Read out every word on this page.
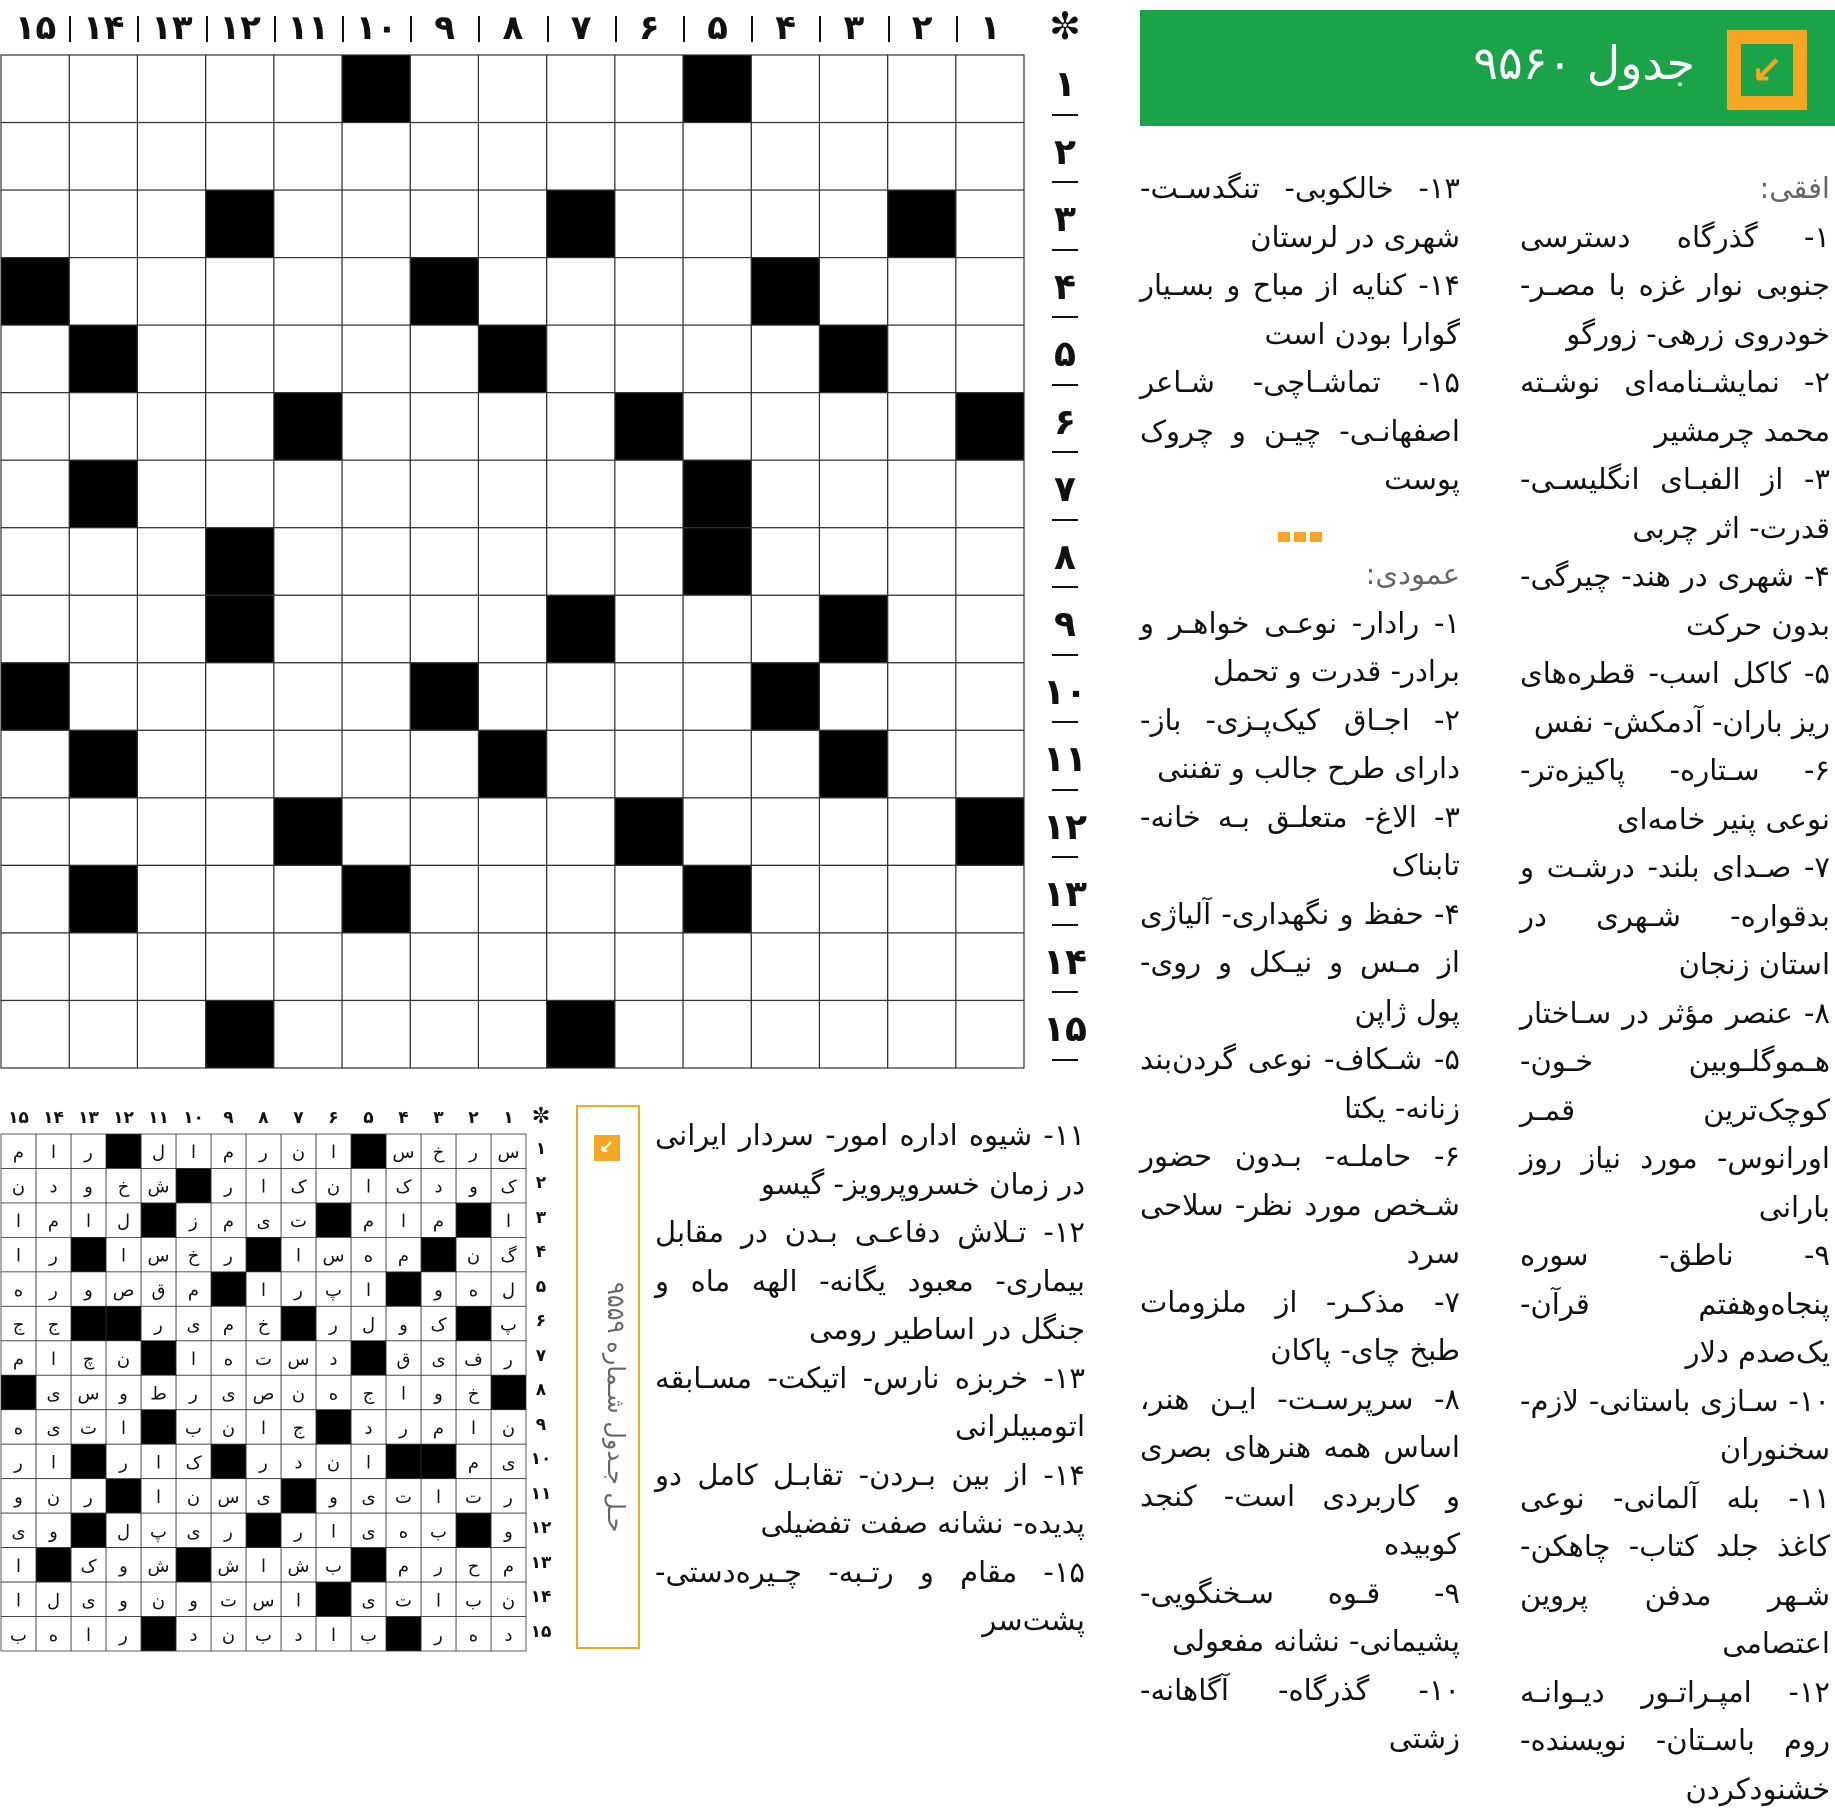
جدول ۹۵۶۰ ↙
✼

افقی:

۱- گذرگاه دسترسی جنوبی نوار غزه با مصـر- خودروی زرهی- زورگو

۲- نمایشـنامه‌ای نوشـته محمد چرمشیر

۳- از الفبـای انگلیسـی- قدرت- اثر چربی

۴- شهری در هند- چیرگی- بدون حرکت

۵- کاکل اسب- قطره‌های ریز باران- آدمکش- نفس

۶- سـتاره- پاکیزه‌تر- نوعی پنیر خامه‌ای

۷- صـدای بلند- درشـت و بدقواره- شـهری در استان زنجان

۸- عنصر مؤثر در سـاختار هـموگلـوبین خـون- کوچک‌ترین قمـر اورانوس- مورد نیاز روز بارانی

۹- ناطق- سوره پنجاه‌وهفتم قرآن- یک‌صدم دلار

۱۰- سـازی باستانی- لازم- سخنوران

۱۱- بله آلمانی- نوعی کاغذ جلد کتاب- چاهکن- شـهر مدفن پروین اعتصامی

۱۲- امپـراتـور دیـوانـه روم باسـتان- نویسنده- خشنودکردن

۱۳- خالکوبی- تنگدسـت- شهری در لرستان

۱۴- کنایه از مباح و بسـیار گوارا بودن است

۱۵- تماشـاچی- شـاعر اصفهانـی- چیـن و چروک پوست

عمودی:

۱- رادار- نوعـی خواهـر و برادر- قدرت و تحمل

۲- اجـاق کیک‌پـزی- باز- دارای طرح جالب و تفننی

۳- الاغ- متعلـق بـه خانه- تابناک

۴- حفظ و نگهداری- آلیاژی از مـس و نیـکل و روی- پول ژاپن

۵- شـکاف- نوعی گردن‌بند زنانه- یکتا

۶- حاملـه- بـدون حضور شـخص مورد نظر- سلاحی سرد

۷- مذکـر- از ملزومات طبخ چای- پاکان

۸- سرپرسـت- ایـن هنر، اساس همه هنرهای بصری و کاربردی است- کنجد کوبیده

۹- قـوه سـخنگویی- پشیمانی- نشانه مفعولی

۱۰- گذرگاه- آگاهانه- زشتی

۱۱- شیوه اداره امور- سردار ایرانی در زمان خسروپرویز- گیسو

۱۲- تـلاش دفاعـی بـدن در مقابل بیماری- معبود یگانه- الهه ماه و جنگل در اساطیر رومی

۱۳- خربزه نارس- اتیکت- مسـابقه اتومبیلرانی

۱۴- از بین بـردن- تقابـل کامل دو پدیده- نشانه صفت تفضیلی

۱۵- مقام و رتـبه- چـیره‌دستی- پشت‌سر

↙
حـل جـدول شـماره ۹۵۵۹
✼
س
ر
خ
س
ا
ن
ر
م
ا
ل
ر
ا
م
ک
و
د
ک
ا
ن
ک
ا
ر
ش
خ
و
د
ن
ا
م
ا
م
ت
ی
م
ز
ل
ا
م
ا
گ
ن
م
ه
س
ا
ر
خ
س
ا
ر
ا
ل
ه
و
ا
پ
ر
ا
م
ق
ص
و
ر
ه
پ
ک
و
ل
ر
خ
م
ی
ر
ج
ج
ر
ف
ی
ق
د
س
ت
ه
ا
ن
چ
ا
م
خ
و
ا
ج
ه
ن
ص
ی
ر
ط
و
س
ی
ن
ا
م
ر
د
ج
ا
ن
ب
ا
ت
ی
ه
ی
م
ا
ن
د
ر
ک
ا
ر
ا
ر
ر
ت
ا
ت
ی
و
ی
س
ن
ا
ر
ن
و
و
ب
ه
ی
ا
ر
ر
ی
پ
ل
و
ی
م
ح
ر
م
ب
ش
ا
ش
ش
و
ک
ا
ن
ب
ا
ت
ی
ا
س
ت
و
ن
و
ی
ل
ا
د
ه
ر
ب
ا
د
ب
ن
د
ر
ا
ه
ب
۱
۲
۳
۴
۵
۶
۷
۸
۹
۱۰
۱۱
۱۲
۱۳
۱۴
۱۵
۱
۲
۳
۴
۵
۶
۷
۸
۹
۱۰
۱۱
۱۲
۱۳
۱۴
۱۵
۱
۲
۳
۴
۵
۶
۷
۸
۹
۱۰
۱۱
۱۲
۱۳
۱۴
۱۵
۱
۲
۳
۴
۵
۶
۷
۸
۹
۱۰
۱۱
۱۲
۱۳
۱۴
۱۵
